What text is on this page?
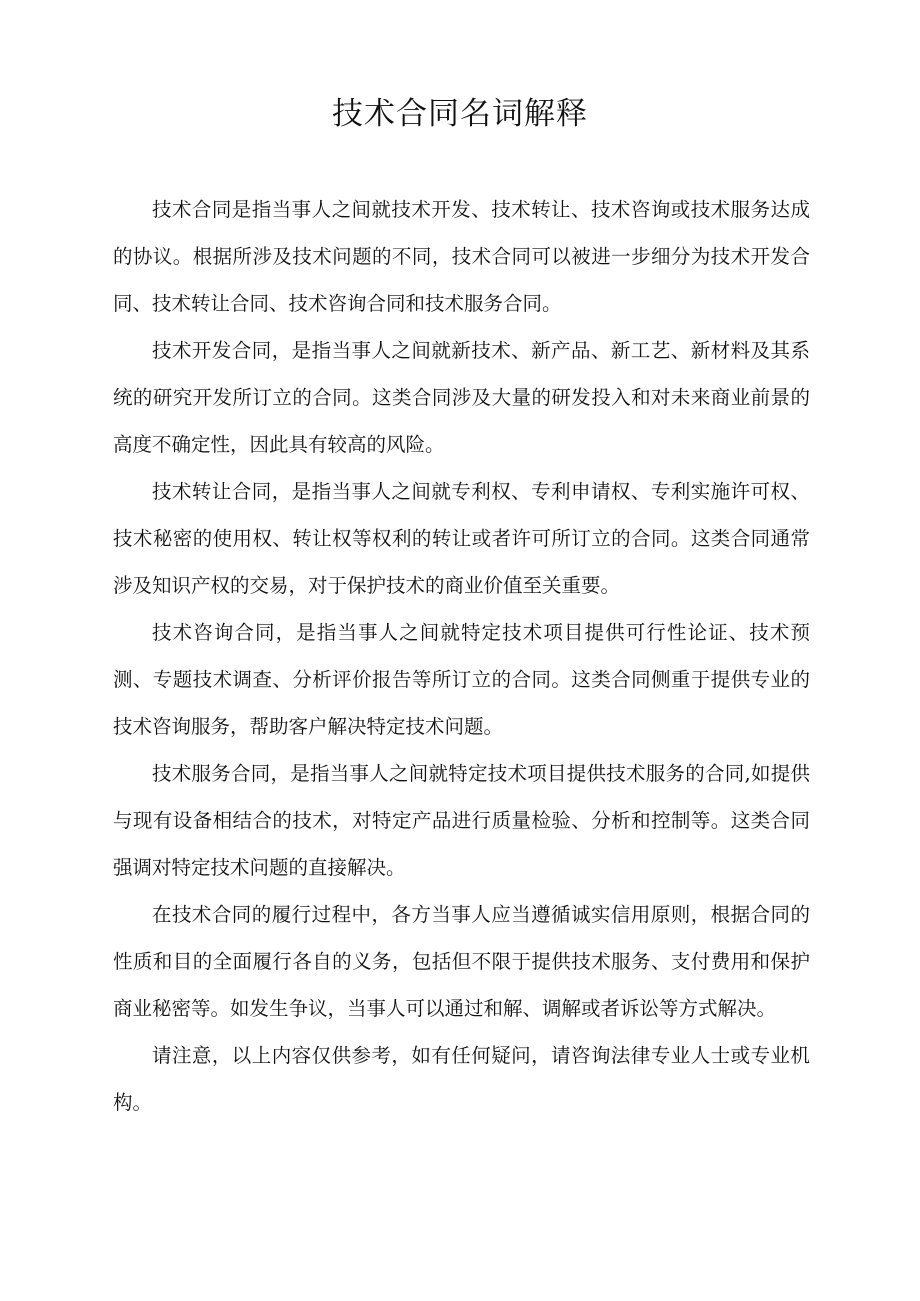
技术合同名词解释

技术合同是指当事人之间就技术开发、技术转让、技术咨询或技术服务达成的协议。根据所涉及技术问题的不同，技术合同可以被进一步细分为技术开发合同、技术转让合同、技术咨询合同和技术服务合同。

技术开发合同，是指当事人之间就新技术、新产品、新工艺、新材料及其系统的研究开发所订立的合同。这类合同涉及大量的研发投入和对未来商业前景的高度不确定性，因此具有较高的风险。

技术转让合同，是指当事人之间就专利权、专利申请权、专利实施许可权、技术秘密的使用权、转让权等权利的转让或者许可所订立的合同。这类合同通常涉及知识产权的交易，对于保护技术的商业价值至关重要。

技术咨询合同，是指当事人之间就特定技术项目提供可行性论证、技术预测、专题技术调查、分析评价报告等所订立的合同。这类合同侧重于提供专业的技术咨询服务，帮助客户解决特定技术问题。

技术服务合同，是指当事人之间就特定技术项目提供技术服务的合同,如提供与现有设备相结合的技术，对特定产品进行质量检验、分析和控制等。这类合同强调对特定技术问题的直接解决。

在技术合同的履行过程中，各方当事人应当遵循诚实信用原则，根据合同的性质和目的全面履行各自的义务，包括但不限于提供技术服务、支付费用和保护商业秘密等。如发生争议，当事人可以通过和解、调解或者诉讼等方式解决。

请注意，以上内容仅供参考，如有任何疑问，请咨询法律专业人士或专业机构。
